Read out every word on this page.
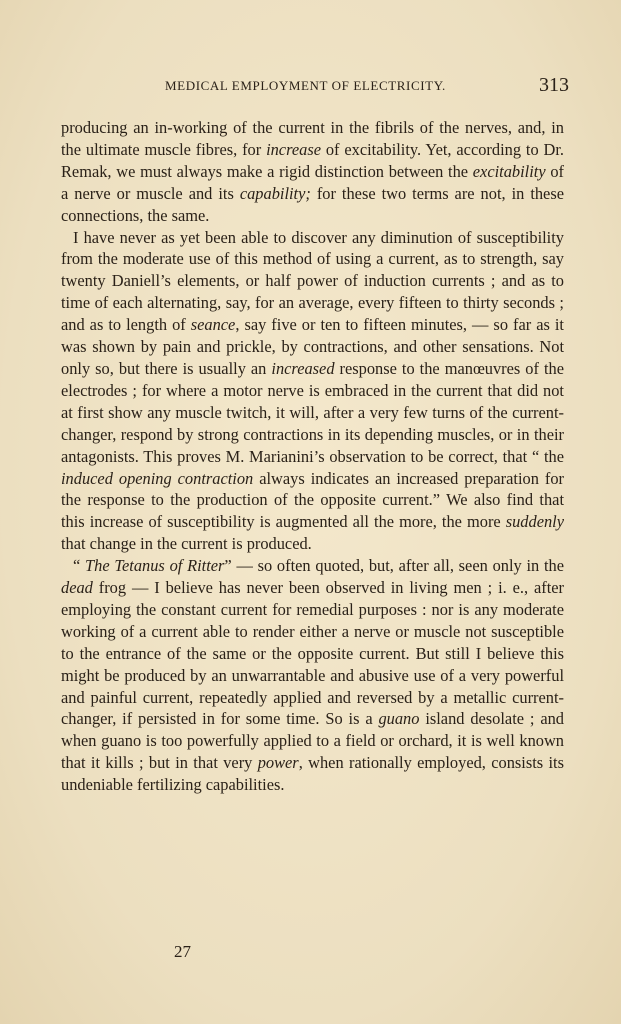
MEDICAL EMPLOYMENT OF ELECTRICITY.	313

producing an in-working of the current in the fibrils of the nerves, and, in the ultimate muscle fibres, for increase of excitability. Yet, according to Dr. Remak, we must always make a rigid distinction between the excitability of a nerve or muscle and its capability; for these two terms are not, in these connections, the same.

I have never as yet been able to discover any diminution of susceptibility from the moderate use of this method of using a current, as to strength, say twenty Daniell’s elements, or half power of induction currents ; and as to time of each alternating, say, for an average, every fifteen to thirty seconds ; and as to length of seance, say five or ten to fifteen minutes, — so far as it was shown by pain and prickle, by contractions, and other sensations. Not only so, but there is usually an increased response to the manœuvres of the electrodes ; for where a motor nerve is embraced in the current that did not at first show any muscle twitch, it will, after a very few turns of the current-changer, respond by strong contractions in its depending muscles, or in their antagonists. This proves M. Marianini’s observation to be correct, that “ the induced opening contraction always indicates an increased preparation for the response to the production of the opposite current.” We also find that this increase of susceptibility is augmented all the more, the more suddenly that change in the current is produced.

“ The Tetanus of Ritter” — so often quoted, but, after all, seen only in the dead frog — I believe has never been observed in living men ; i. e., after employing the constant current for remedial purposes : nor is any moderate working of a current able to render either a nerve or muscle not susceptible to the entrance of the same or the opposite current. But still I believe this might be produced by an unwarrantable and abusive use of a very powerful and painful current, repeatedly applied and reversed by a metallic current-changer, if persisted in for some time. So is a guano island desolate ; and when guano is too powerfully applied to a field or orchard, it is well known that it kills ; but in that very power, when rationally employed, consists its undeniable fertilizing capabilities.

27
